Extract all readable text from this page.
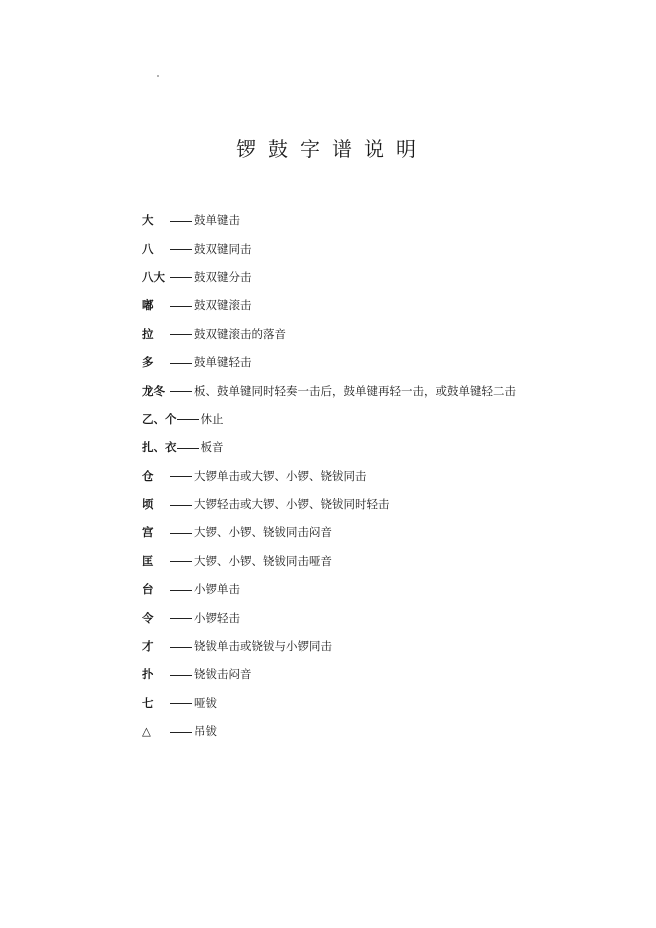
锣鼓字谱说明
大	鼓单键击
八	鼓双键同击
八大	鼓双键分击
嘟	鼓双键滚击
拉	鼓双键滚击的落音
多	鼓单键轻击
龙冬	板、鼓单键同时轻奏一击后，鼓单键再轻一击，或鼓单键轻二击
乙、个 休止
扎、衣 板音
仓	大锣单击或大锣、小锣、铙钹同击
顷	大锣轻击或大锣、小锣、铙钹同时轻击
宫	大锣、小锣、铙钹同击闷音
匡	大锣、小锣、铙钹同击哑音
台	小锣单击
令	小锣轻击
才	铙钹单击或铙钹与小锣同击
扑	铙钹击闷音
七	哑钹
△	吊钹
